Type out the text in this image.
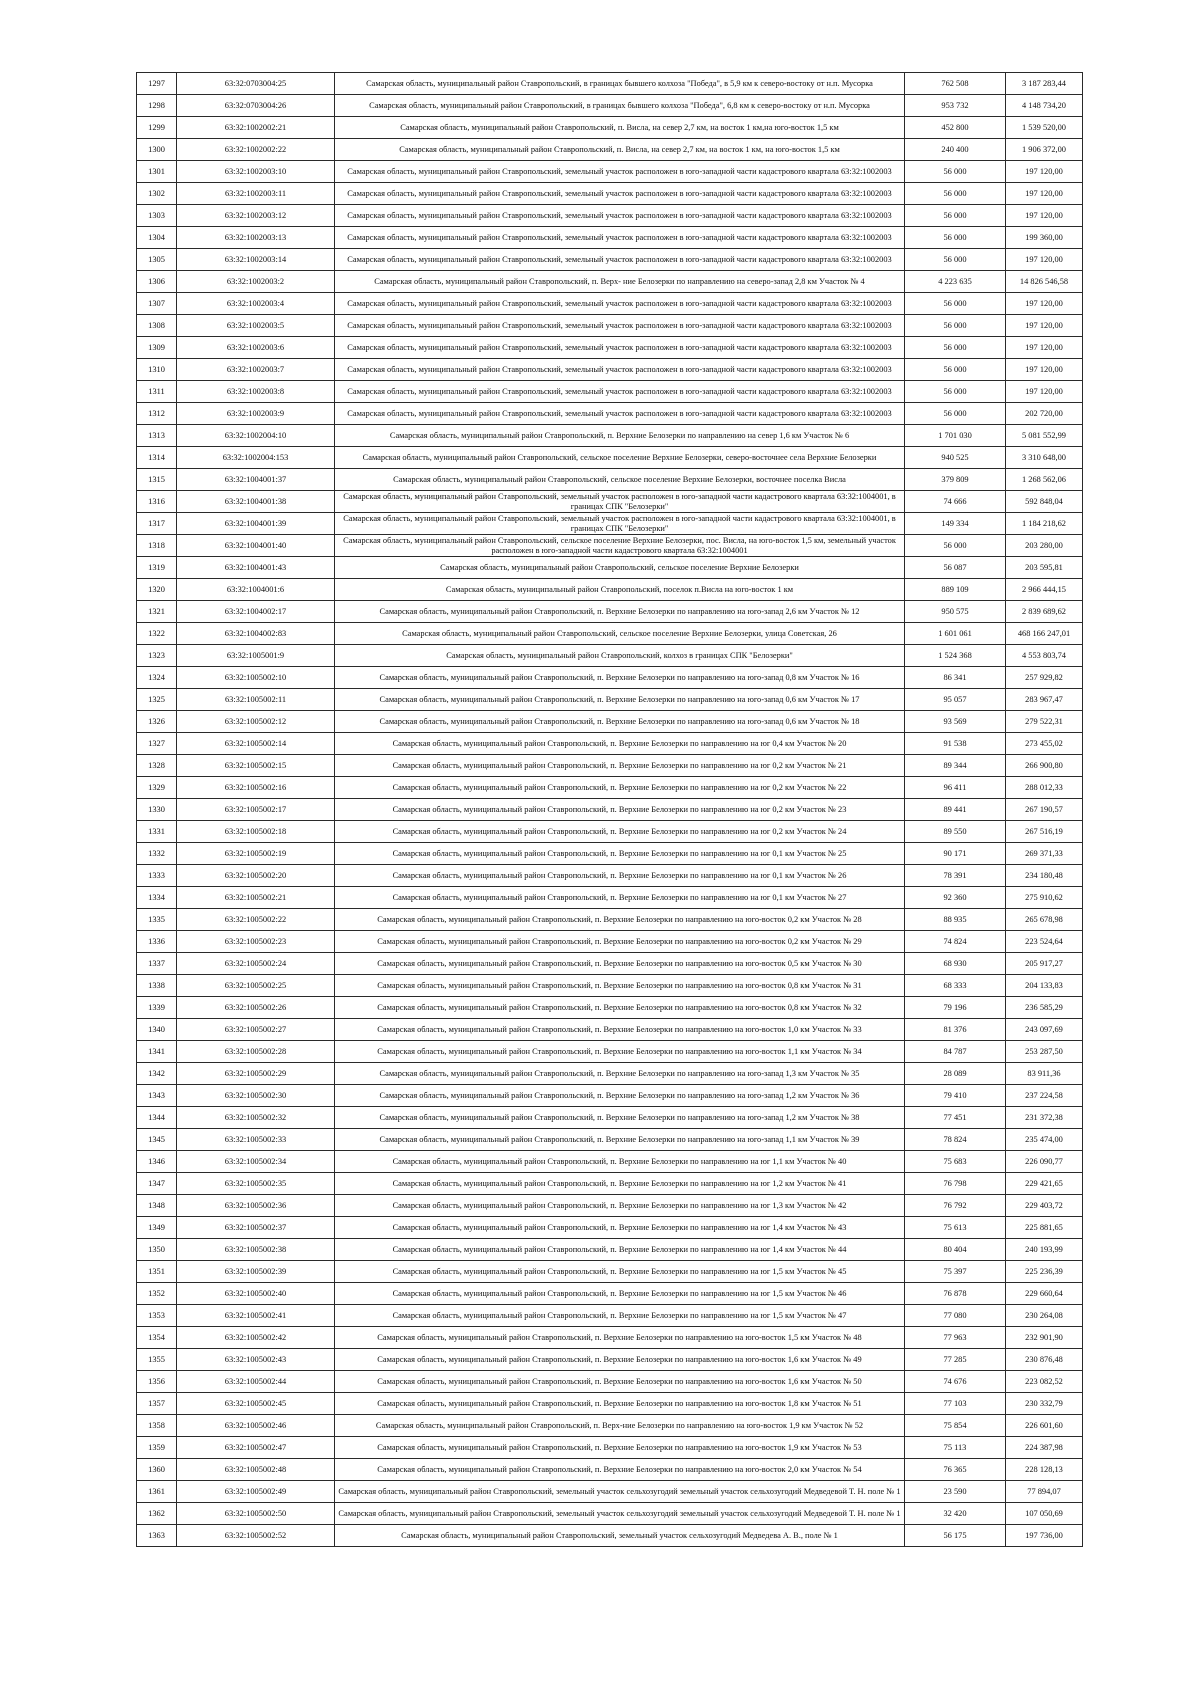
1297	63:32:0703004:25	Самарская область, муниципальный район Ставропольский, в границах бывшего колхоза "Победа", в 5,9 км к северо-востоку от н.п. Мусорка	762 508	3 187 283,44
1298	63:32:0703004:26	Самарская область, муниципальный район Ставропольский, в границах бывшего колхоза "Победа", 6,8 км к северо-востоку от н.п. Мусорка	953 732	4 148 734,20
1299	63:32:1002002:21	Самарская область, муниципальный район Ставропольский, п. Висла, на север 2,7 км, на восток 1 км,на юго-восток 1,5 км	452 800	1 539 520,00
1300	63:32:1002002:22	Самарская область, муниципальный район Ставропольский, п. Висла, на север 2,7 км, на восток 1 км, на юго-восток 1,5 км	240 400	1 906 372,00
1301	63:32:1002003:10	Самарская область, муниципальный район Ставропольский, земельный участок расположен в юго-западной части кадастрового квартала 63:32:1002003	56 000	197 120,00
1302	63:32:1002003:11	Самарская область, муниципальный район Ставропольский, земельный участок расположен в юго-западной части кадастрового квартала 63:32:1002003	56 000	197 120,00
1303	63:32:1002003:12	Самарская область, муниципальный район Ставропольский, земельный участок расположен в юго-западной части кадастрового квартала 63:32:1002003	56 000	197 120,00
1304	63:32:1002003:13	Самарская область, муниципальный район Ставропольский, земельный участок расположен в юго-западной части кадастрового квартала 63:32:1002003	56 000	199 360,00
1305	63:32:1002003:14	Самарская область, муниципальный район Ставропольский, земельный участок расположен в юго-западной части кадастрового квартала 63:32:1002003	56 000	197 120,00
1306	63:32:1002003:2	Самарская область, муниципальный район Ставропольский, п. Верх- ние Белозерки по направлению на северо-запад 2,8 км Участок № 4	4 223 635	14 826 546,58
1307	63:32:1002003:4	Самарская область, муниципальный район Ставропольский, земельный участок расположен в юго-западной части кадастрового квартала 63:32:1002003	56 000	197 120,00
1308	63:32:1002003:5	Самарская область, муниципальный район Ставропольский, земельный участок расположен в юго-западной части кадастрового квартала 63:32:1002003	56 000	197 120,00
1309	63:32:1002003:6	Самарская область, муниципальный район Ставропольский, земельный участок расположен в юго-западной части кадастрового квартала 63:32:1002003	56 000	197 120,00
1310	63:32:1002003:7	Самарская область, муниципальный район Ставропольский, земельный участок расположен в юго-западной части кадастрового квартала 63:32:1002003	56 000	197 120,00
1311	63:32:1002003:8	Самарская область, муниципальный район Ставропольский, земельный участок расположен в юго-западной части кадастрового квартала 63:32:1002003	56 000	197 120,00
1312	63:32:1002003:9	Самарская область, муниципальный район Ставропольский, земельный участок расположен в юго-западной части кадастрового квартала 63:32:1002003	56 000	202 720,00
1313	63:32:1002004:10	Самарская область, муниципальный район Ставропольский, п. Верхние Белозерки по направлению на север 1,6 км Участок № 6	1 701 030	5 081 552,99
1314	63:32:1002004:153	Самарская область, муниципальный район Ставропольский, сельское поселение Верхние Белозерки, северо-восточнее села Верхние Белозерки	940 525	3 310 648,00
1315	63:32:1004001:37	Самарская область, муниципальный район Ставропольский, сельское поселение Верхние Белозерки, восточнее поселка Висла	379 809	1 268 562,06
1316	63:32:1004001:38	Самарская область, муниципальный район Ставропольский, земельный участок расположен в юго-западной части кадастрового квартала 63:32:1004001, в границах СПК "Белозерки"	74 666	592 848,04
1317	63:32:1004001:39	Самарская область, муниципальный район Ставропольский, земельный участок расположен в юго-западной части кадастрового квартала 63:32:1004001, в границах СПК "Белозерки"	149 334	1 184 218,62
1318	63:32:1004001:40	Самарская область, муниципальный район Ставропольский, сельское поселение Верхние Белозерки, пос. Висла, на юго-восток 1,5 км, земельный участок расположен в юго-западной части кадастрового квартала 63:32:1004001	56 000	203 280,00
1319	63:32:1004001:43	Самарская область, муниципальный район Ставропольский, сельское поселение Верхние Белозерки	56 087	203 595,81
1320	63:32:1004001:6	Самарская область, муниципальный район Ставропольский, поселок п.Висла на юго-восток 1 км	889 109	2 966 444,15
1321	63:32:1004002:17	Самарская область, муниципальный район Ставропольский, п. Верхние Белозерки по направлению на юго-запад 2,6 км Участок № 12	950 575	2 839 689,62
1322	63:32:1004002:83	Самарская область, муниципальный район Ставропольский, сельское поселение Верхние Белозерки, улица Советская, 26	1 601 061	468 166 247,01
1323	63:32:1005001:9	Самарская область, муниципальный район Ставропольский, колхоз в границах СПК "Белозерки"	1 524 368	4 553 803,74
1324	63:32:1005002:10	Самарская область, муниципальный район Ставропольский, п. Верхние Белозерки по направлению на юго-запад 0,8 км Участок № 16	86 341	257 929,82
1325	63:32:1005002:11	Самарская область, муниципальный район Ставропольский, п. Верхние Белозерки по направлению на юго-запад 0,6 км Участок № 17	95 057	283 967,47
1326	63:32:1005002:12	Самарская область, муниципальный район Ставропольский, п. Верхние Белозерки по направлению на юго-запад 0,6 км Участок № 18	93 569	279 522,31
1327	63:32:1005002:14	Самарская область, муниципальный район Ставропольский, п. Верхние Белозерки по направлению на юг 0,4 км Участок № 20	91 538	273 455,02
1328	63:32:1005002:15	Самарская область, муниципальный район Ставропольский, п. Верхние Белозерки по направлению на юг 0,2 км Участок № 21	89 344	266 900,80
1329	63:32:1005002:16	Самарская область, муниципальный район Ставропольский, п. Верхние Белозерки по направлению на юг 0,2 км Участок № 22	96 411	288 012,33
1330	63:32:1005002:17	Самарская область, муниципальный район Ставропольский, п. Верхние Белозерки по направлению на юг 0,2 км Участок № 23	89 441	267 190,57
1331	63:32:1005002:18	Самарская область, муниципальный район Ставропольский, п. Верхние Белозерки по направлению на юг 0,2 км Участок № 24	89 550	267 516,19
1332	63:32:1005002:19	Самарская область, муниципальный район Ставропольский, п. Верхние Белозерки по направлению на юг 0,1 км Участок № 25	90 171	269 371,33
1333	63:32:1005002:20	Самарская область, муниципальный район Ставропольский, п. Верхние Белозерки по направлению на юг 0,1 км Участок № 26	78 391	234 180,48
1334	63:32:1005002:21	Самарская область, муниципальный район Ставропольский, п. Верхние Белозерки по направлению на юг 0,1 км Участок № 27	92 360	275 910,62
1335	63:32:1005002:22	Самарская область, муниципальный район Ставропольский, п. Верхние Белозерки по направлению на юго-восток 0,2 км Участок № 28	88 935	265 678,98
1336	63:32:1005002:23	Самарская область, муниципальный район Ставропольский, п. Верхние Белозерки по направлению на юго-восток 0,2 км Участок № 29	74 824	223 524,64
1337	63:32:1005002:24	Самарская область, муниципальный район Ставропольский, п. Верхние Белозерки по направлению на юго-восток 0,5 км Участок № 30	68 930	205 917,27
1338	63:32:1005002:25	Самарская область, муниципальный район Ставропольский, п. Верхние Белозерки по направлению на юго-восток 0,8 км Участок № 31	68 333	204 133,83
1339	63:32:1005002:26	Самарская область, муниципальный район Ставропольский, п. Верхние Белозерки по направлению на юго-восток 0,8 км Участок № 32	79 196	236 585,29
1340	63:32:1005002:27	Самарская область, муниципальный район Ставропольский, п. Верхние Белозерки по направлению на юго-восток 1,0 км Участок № 33	81 376	243 097,69
1341	63:32:1005002:28	Самарская область, муниципальный район Ставропольский, п. Верхние Белозерки по направлению на юго-восток 1,1 км Участок № 34	84 787	253 287,50
1342	63:32:1005002:29	Самарская область, муниципальный район Ставропольский, п. Верхние Белозерки по направлению на юго-запад 1,3 км Участок № 35	28 089	83 911,36
1343	63:32:1005002:30	Самарская область, муниципальный район Ставропольский, п. Верхние Белозерки по направлению на юго-запад 1,2 км Участок № 36	79 410	237 224,58
1344	63:32:1005002:32	Самарская область, муниципальный район Ставропольский, п. Верхние Белозерки по направлению на юго-запад 1,2 км Участок № 38	77 451	231 372,38
1345	63:32:1005002:33	Самарская область, муниципальный район Ставропольский, п. Верхние Белозерки по направлению на юго-запад 1,1 км Участок № 39	78 824	235 474,00
1346	63:32:1005002:34	Самарская область, муниципальный район Ставропольский, п. Верхние Белозерки по направлению на юг 1,1 км Участок № 40	75 683	226 090,77
1347	63:32:1005002:35	Самарская область, муниципальный район Ставропольский, п. Верхние Белозерки по направлению на юг 1,2 км Участок № 41	76 798	229 421,65
1348	63:32:1005002:36	Самарская область, муниципальный район Ставропольский, п. Верхние Белозерки по направлению на юг 1,3 км Участок № 42	76 792	229 403,72
1349	63:32:1005002:37	Самарская область, муниципальный район Ставропольский, п. Верхние Белозерки по направлению на юг 1,4 км Участок № 43	75 613	225 881,65
1350	63:32:1005002:38	Самарская область, муниципальный район Ставропольский, п. Верхние Белозерки по направлению на юг 1,4 км Участок № 44	80 404	240 193,99
1351	63:32:1005002:39	Самарская область, муниципальный район Ставропольский, п. Верхние Белозерки по направлению на юг 1,5 км Участок № 45	75 397	225 236,39
1352	63:32:1005002:40	Самарская область, муниципальный район Ставропольский, п. Верхние Белозерки по направлению на юг 1,5 км Участок № 46	76 878	229 660,64
1353	63:32:1005002:41	Самарская область, муниципальный район Ставропольский, п. Верхние Белозерки по направлению на юг 1,5 км Участок № 47	77 080	230 264,08
1354	63:32:1005002:42	Самарская область, муниципальный район Ставропольский, п. Верхние Белозерки по направлению на юго-восток 1,5 км Участок № 48	77 963	232 901,90
1355	63:32:1005002:43	Самарская область, муниципальный район Ставропольский, п. Верхние Белозерки по направлению на юго-восток 1,6 км Участок № 49	77 285	230 876,48
1356	63:32:1005002:44	Самарская область, муниципальный район Ставропольский, п. Верхние Белозерки по направлению на юго-восток 1,6 км Участок № 50	74 676	223 082,52
1357	63:32:1005002:45	Самарская область, муниципальный район Ставропольский, п. Верхние Белозерки по направлению на юго-восток 1,8 км Участок № 51	77 103	230 332,79
1358	63:32:1005002:46	Самарская область, муниципальный район Ставропольский, п. Верх-ние Белозерки по направлению на юго-восток 1,9 км Участок № 52	75 854	226 601,60
1359	63:32:1005002:47	Самарская область, муниципальный район Ставропольский, п. Верхние Белозерки по направлению на юго-восток 1,9 км Участок № 53	75 113	224 387,98
1360	63:32:1005002:48	Самарская область, муниципальный район Ставропольский, п. Верхние Белозерки по направлению на юго-восток 2,0 км Участок № 54	76 365	228 128,13
1361	63:32:1005002:49	Самарская область, муниципальный район Ставропольский, земельный участок сельхозугодий земельный участок сельхозугодий Медведевой Т. Н. поле № 1	23 590	77 894,07
1362	63:32:1005002:50	Самарская область, муниципальный район Ставропольский, земельный участок сельхозугодий земельный участок сельхозугодий Медведевой Т. Н. поле № 1	32 420	107 050,69
1363	63:32:1005002:52	Самарская область, муниципальный район Ставропольский, земельный участок сельхозугодий Медведева А. В., поле № 1	56 175	197 736,00
